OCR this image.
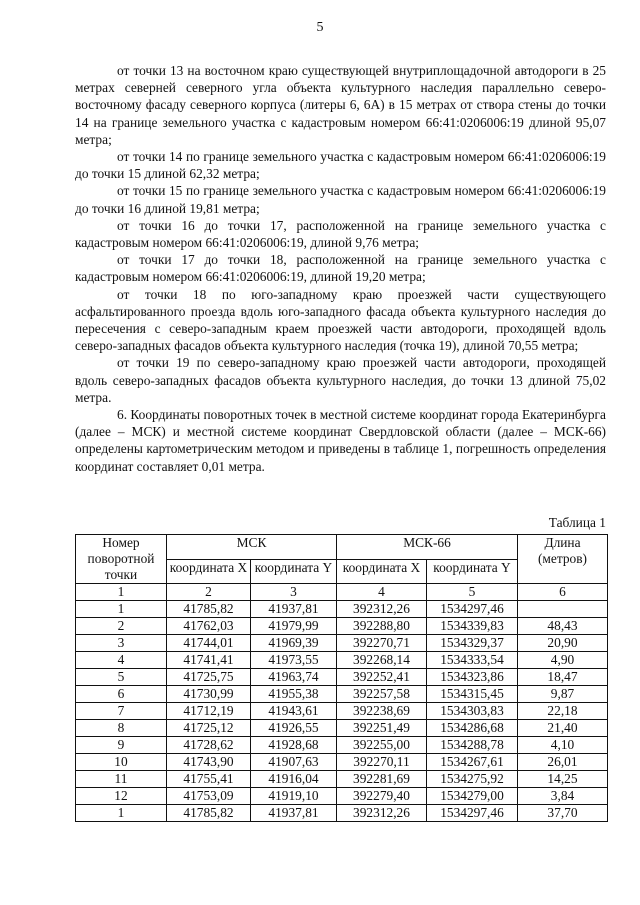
5

от точки 13 на восточном краю существующей внутриплощадочной автодороги в 25 метрах северней северного угла объекта культурного наследия параллельно северо-восточному фасаду северного корпуса (литеры 6, 6А) в 15 метрах от створа стены до точки 14 на границе земельного участка с кадастровым номером 66:41:0206006:19 длиной 95,07 метра;

от точки 14 по границе земельного участка с кадастровым номером 66:41:0206006:19 до точки 15 длиной 62,32 метра;

от точки 15 по границе земельного участка с кадастровым номером 66:41:0206006:19 до точки 16 длиной 19,81 метра;

от точки 16 до точки 17, расположенной на границе земельного участка с кадастровым номером 66:41:0206006:19, длиной 9,76 метра;

от точки 17 до точки 18, расположенной на границе земельного участка с кадастровым номером 66:41:0206006:19, длиной 19,20 метра;

от точки 18 по юго-западному краю проезжей части существующего асфальтированного проезда вдоль юго-западного фасада объекта культурного наследия до пересечения с северо-западным краем проезжей части автодороги, проходящей вдоль северо-западных фасадов объекта культурного наследия (точка 19), длиной 70,55 метра;

от точки 19 по северо-западному краю проезжей части автодороги, проходящей вдоль северо-западных фасадов объекта культурного наследия, до точки 13 длиной 75,02 метра.

6. Координаты поворотных точек в местной системе координат города Екатеринбурга (далее – МСК) и местной системе координат Свердловской области (далее – МСК-66) определены картометрическим методом и приведены в таблице 1, погрешность определения координат составляет 0,01 метра.

Таблица 1
Номер поворотной точки	МСК		МСК-66		Длина (метров)
	координата X	координата Y	координата X	координата Y	
1	2	3	4	5	6
1	41785,82	41937,81	392312,26	1534297,46	
2	41762,03	41979,99	392288,80	1534339,83	48,43
3	41744,01	41969,39	392270,71	1534329,37	20,90
4	41741,41	41973,55	392268,14	1534333,54	4,90
5	41725,75	41963,74	392252,41	1534323,86	18,47
6	41730,99	41955,38	392257,58	1534315,45	9,87
7	41712,19	41943,61	392238,69	1534303,83	22,18
8	41725,12	41926,55	392251,49	1534286,68	21,40
9	41728,62	41928,68	392255,00	1534288,78	4,10
10	41743,90	41907,63	392270,11	1534267,61	26,01
11	41755,41	41916,04	392281,69	1534275,92	14,25
12	41753,09	41919,10	392279,40	1534279,00	3,84
1	41785,82	41937,81	392312,26	1534297,46	37,70
